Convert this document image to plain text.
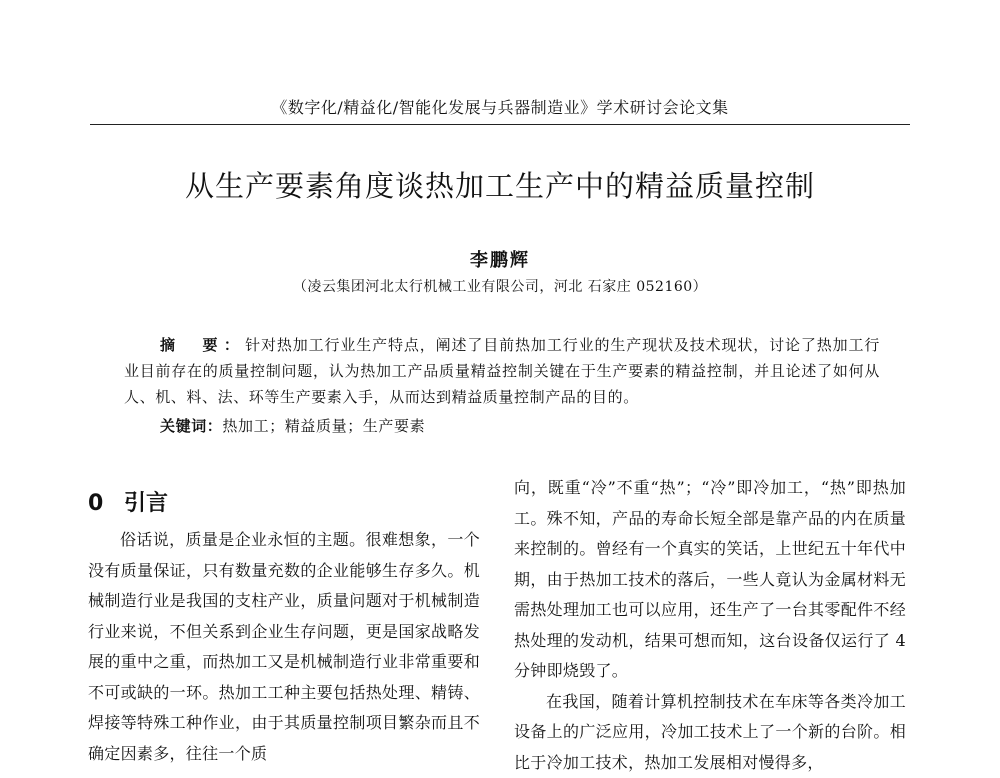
《数字化/精益化/智能化发展与兵器制造业》学术研讨会论文集
从生产要素角度谈热加工生产中的精益质量控制
李鹏辉
（凌云集团河北太行机械工业有限公司，河北 石家庄 052160）

摘　要：针对热加工行业生产特点，阐述了目前热加工行业的生产现状及技术现状，讨论了热加工行业目前存在的质量控制问题，认为热加工产品质量精益控制关键在于生产要素的精益控制，并且论述了如何从人、机、料、法、环等生产要素入手，从而达到精益质量控制产品的目的。

关键词：热加工；精益质量；生产要素
0 引言

俗话说，质量是企业永恒的主题。很难想象，一个没有质量保证，只有数量充数的企业能够生存多久。机械制造行业是我国的支柱产业，质量问题对于机械制造行业来说，不但关系到企业生存问题，更是国家战略发展的重中之重，而热加工又是机械制造行业非常重要和不可或缺的一环。热加工工种主要包括热处理、精铸、焊接等特殊工种作业，由于其质量控制项目繁杂而且不确定因素多，往往一个质

向，既重“冷”不重“热”；“冷”即冷加工，“热”即热加工。殊不知，产品的寿命长短全部是靠产品的内在质量来控制的。曾经有一个真实的笑话，上世纪五十年代中期，由于热加工技术的落后，一些人竟认为金属材料无需热处理加工也可以应用，还生产了一台其零配件不经热处理的发动机，结果可想而知，这台设备仅运行了 4 分钟即烧毁了。

在我国，随着计算机控制技术在车床等各类冷加工设备上的广泛应用，冷加工技术上了一个新的台阶。相比于冷加工技术，热加工发展相对慢得多，
